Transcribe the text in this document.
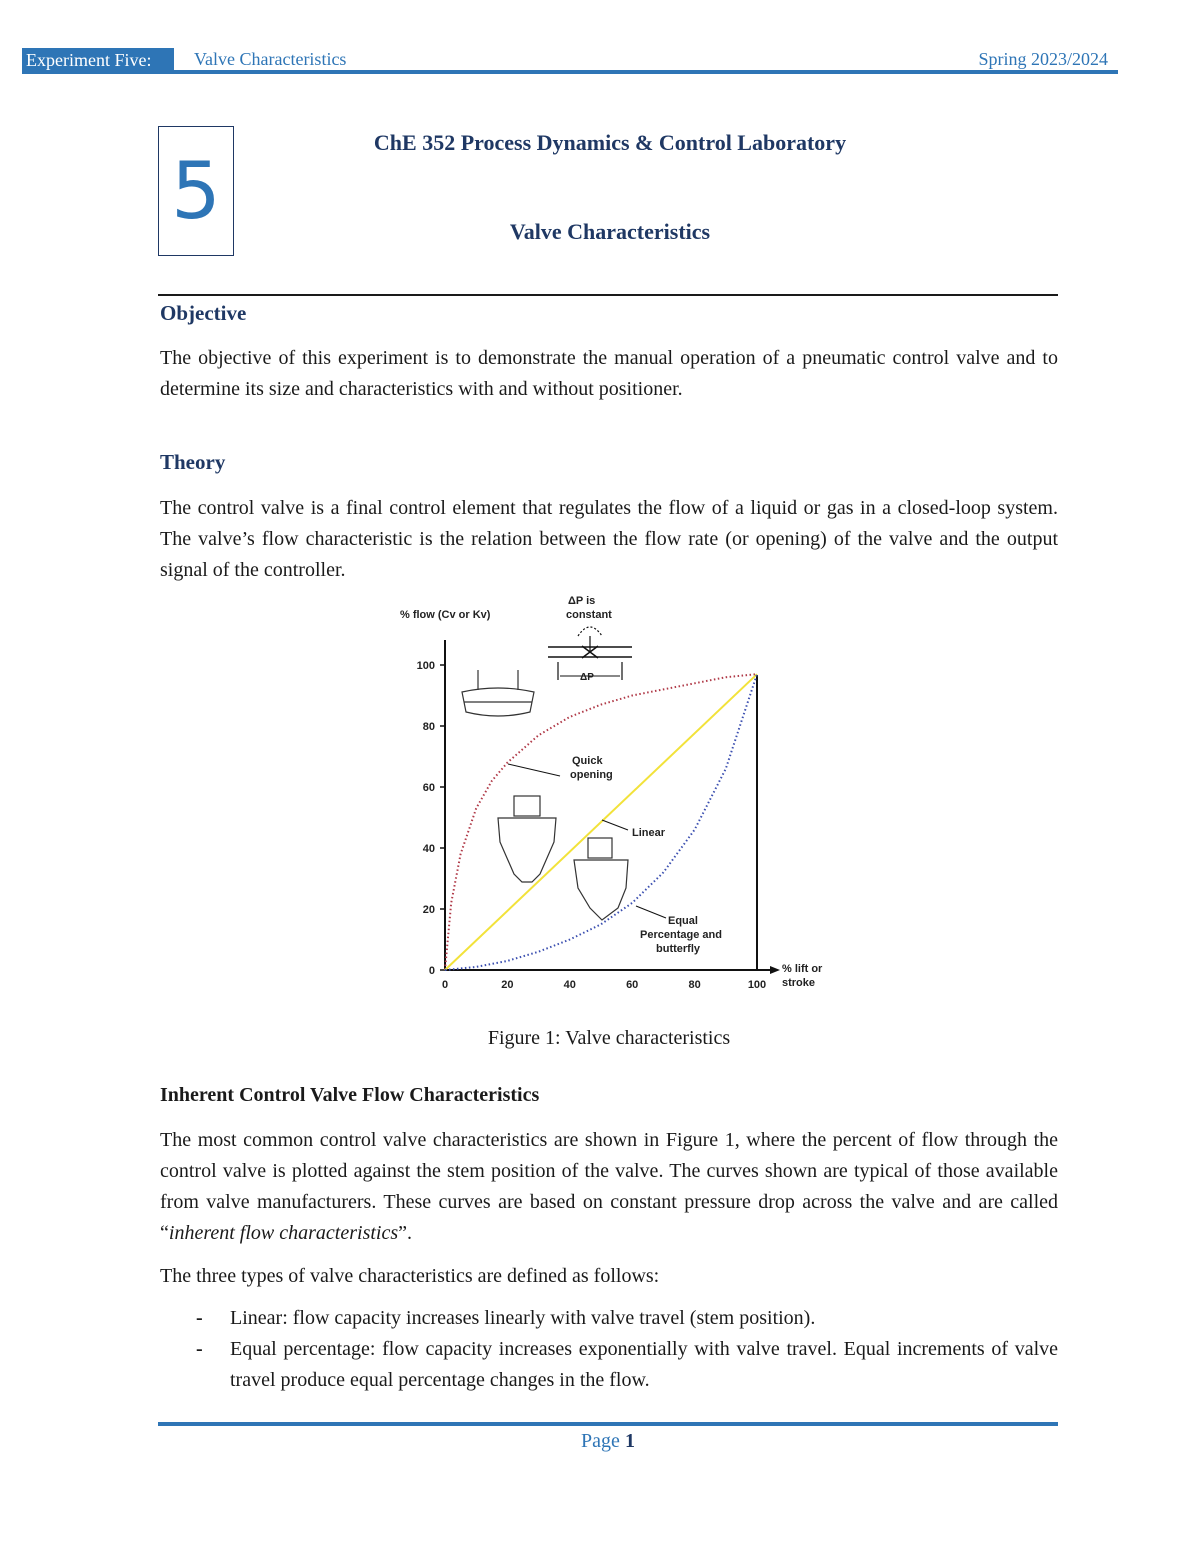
Experiment Five:	Valve Characteristics	Spring 2023/2024
5
ChE 352 Process Dynamics & Control Laboratory
Valve Characteristics
Objective

The objective of this experiment is to demonstrate the manual operation of a pneumatic control valve and to determine its size and characteristics with and without positioner.

Theory

The control valve is a final control element that regulates the flow of a liquid or gas in a closed-loop system. The valve’s flow characteristic is the relation between the flow rate (or opening) of the valve and the output signal of the controller.

0
20
40
60
80
100
0	20	40	60	80	100
% flow (Cv or Kv)
% lift or
stroke
ΔP is
constant
ΔP
Quick
opening
Linear
Equal
Percentage and
butterfly
Figure 1: Valve characteristics
Inherent Control Valve Flow Characteristics

The most common control valve characteristics are shown in Figure 1, where the percent of flow through the control valve is plotted against the stem position of the valve. The curves shown are typical of those available from valve manufacturers. These curves are based on constant pressure drop across the valve and are called “inherent flow characteristics”.

The three types of valve characteristics are defined as follows:

- Linear: flow capacity increases linearly with valve travel (stem position).
- Equal percentage: flow capacity increases exponentially with valve travel. Equal increments of valve travel produce equal percentage changes in the flow.
Page 1
